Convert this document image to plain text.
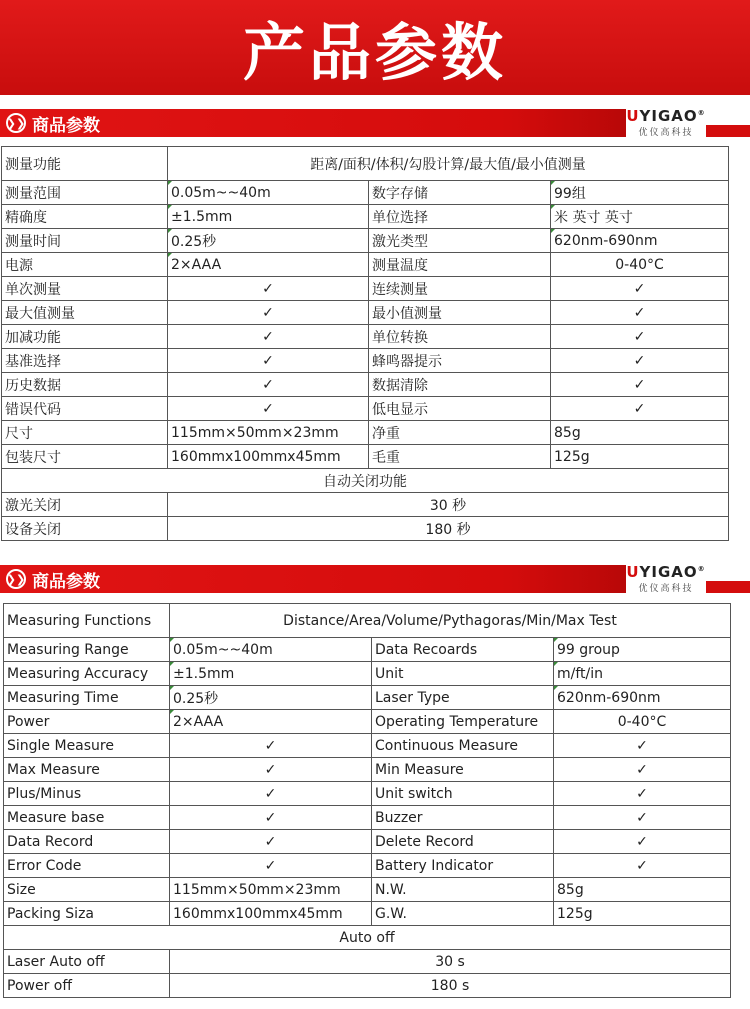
产品参数
❯❯ 商品参数	UYIGAO®
优仪高科技
测量功能	距离/面积/体积/勾股计算/最大值/最小值测量		
测量范围	0.05m~~40m	数字存储	99组
精确度	±1.5mm	单位选择	米 英寸 英寸
测量时间	0.25秒	激光类型	620nm-690nm
电源	2×AAA	测量温度	0-40°C
单次测量	✓	连续测量	✓
最大值测量	✓	最小值测量	✓
加减功能	✓	单位转换	✓
基准选择	✓	蜂鸣器提示	✓
历史数据	✓	数据清除	✓
错误代码	✓	低电显示	✓
尺寸	115mm×50mm×23mm	净重	85g
包装尺寸	160mmx100mmx45mm	毛重	125g
自动关闭功能			
激光关闭	30 秒		
设备关闭	180 秒		
❯❯ 商品参数	UYIGAO®
优仪高科技
Measuring Functions	Distance/Area/Volume/Pythagoras/Min/Max Test		
Measuring Range	0.05m~~40m	Data Recoards	99 group
Measuring Accuracy	±1.5mm	Unit	m/ft/in
Measuring Time	0.25秒	Laser Type	620nm-690nm
Power	2×AAA	Operating Temperature	0-40°C
Single Measure	✓	Continuous Measure	✓
Max Measure	✓	Min Measure	✓
Plus/Minus	✓	Unit switch	✓
Measure base	✓	Buzzer	✓
Data Record	✓	Delete Record	✓
Error Code	✓	Battery Indicator	✓
Size	115mm×50mm×23mm	N.W.	85g
Packing Siza	160mmx100mmx45mm	G.W.	125g
Auto off			
Laser Auto off	30 s		
Power off	180 s		
